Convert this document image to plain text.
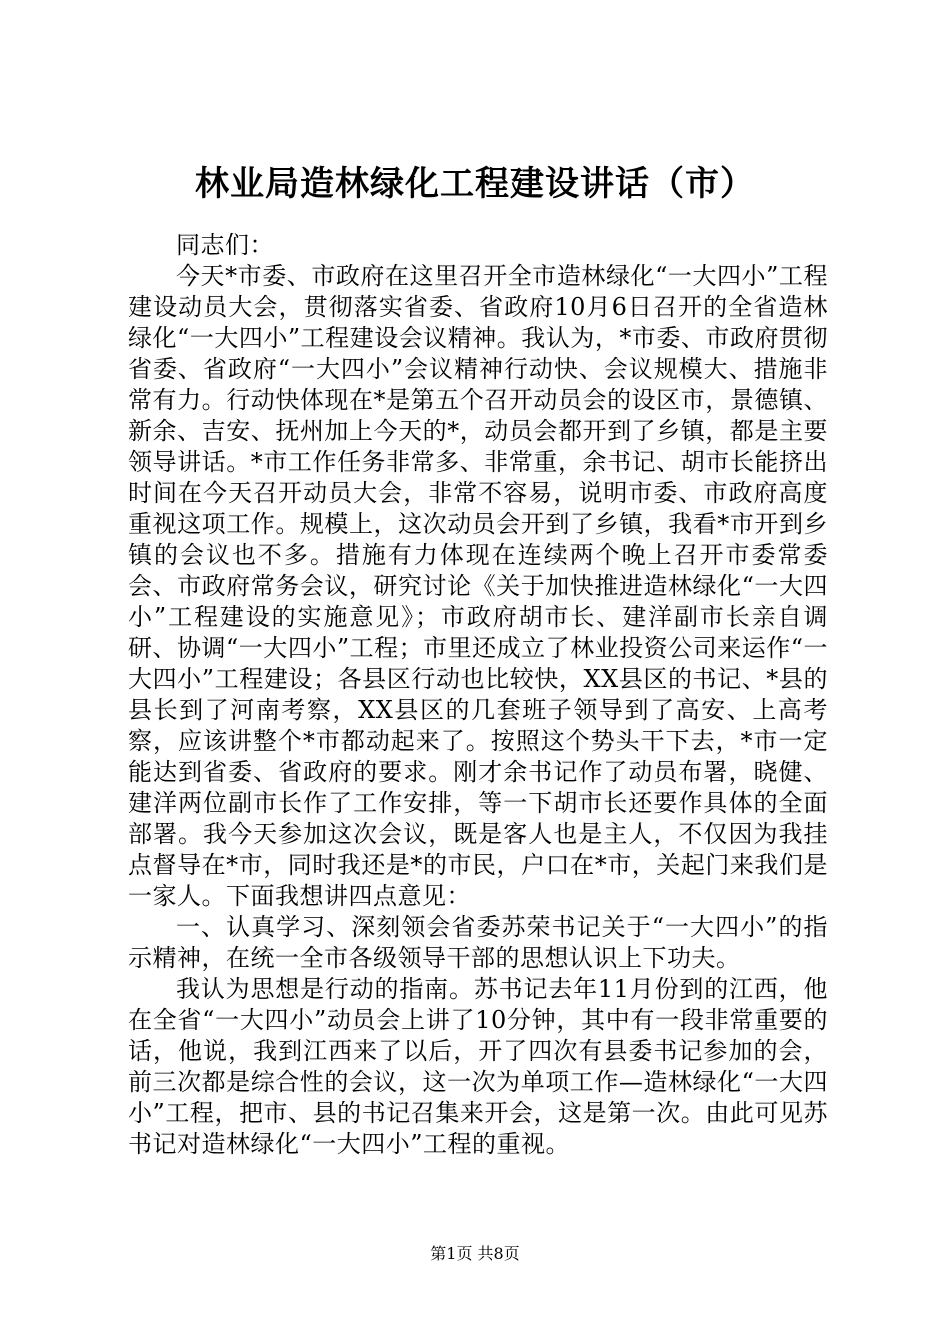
林业局造林绿化工程建设讲话（市）

同志们：

今天*市委、市政府在这里召开全市造林绿化“一大四小”工程建设动员大会，贯彻落实省委、省政府10月6日召开的全省造林绿化“一大四小”工程建设会议精神。我认为，*市委、市政府贯彻省委、省政府“一大四小”会议精神行动快、会议规模大、措施非常有力。行动快体现在*是第五个召开动员会的设区市，景德镇、新余、吉安、抚州加上今天的*，动员会都开到了乡镇，都是主要领导讲话。*市工作任务非常多、非常重，余书记、胡市长能挤出时间在今天召开动员大会，非常不容易，说明市委、市政府高度重视这项工作。规模上，这次动员会开到了乡镇，我看*市开到乡镇的会议也不多。措施有力体现在连续两个晚上召开市委常委会、市政府常务会议，研究讨论《关于加快推进造林绿化“一大四小”工程建设的实施意见》；市政府胡市长、建洋副市长亲自调研、协调“一大四小”工程；市里还成立了林业投资公司来运作“一大四小”工程建设；各县区行动也比较快，XX县区的书记、*县的县长到了河南考察，XX县区的几套班子领导到了高安、上高考察，应该讲整个*市都动起来了。按照这个势头干下去，*市一定能达到省委、省政府的要求。刚才余书记作了动员布署，晓健、建洋两位副市长作了工作安排，等一下胡市长还要作具体的全面部署。我今天参加这次会议，既是客人也是主人，不仅因为我挂点督导在*市，同时我还是*的市民，户口在*市，关起门来我们是一家人。下面我想讲四点意见：

一、认真学习、深刻领会省委苏荣书记关于“一大四小”的指示精神，在统一全市各级领导干部的思想认识上下功夫。

我认为思想是行动的指南。苏书记去年11月份到的江西，他在全省“一大四小”动员会上讲了10分钟，其中有一段非常重要的话，他说，我到江西来了以后，开了四次有县委书记参加的会，前三次都是综合性的会议，这一次为单项工作—造林绿化“一大四小”工程，把市、县的书记召集来开会，这是第一次。由此可见苏书记对造林绿化“一大四小”工程的重视。

第1页 共8页
